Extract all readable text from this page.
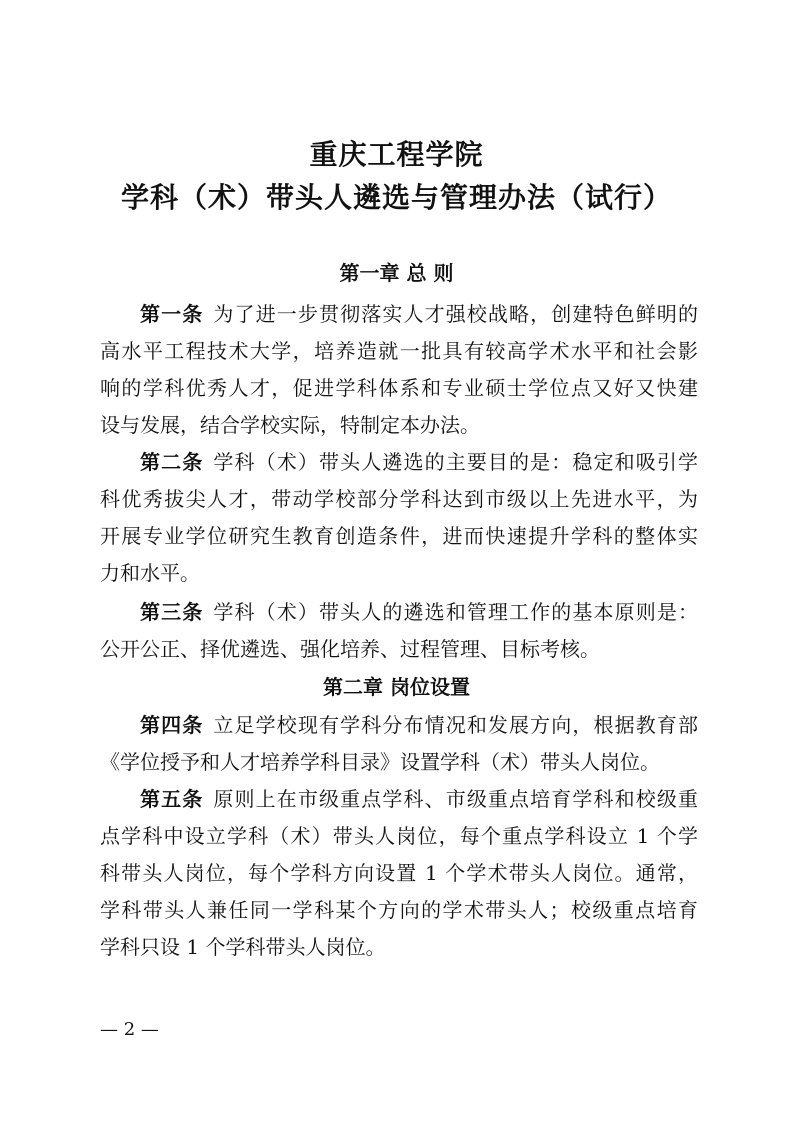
重庆工程学院
学科（术）带头人遴选与管理办法（试行）
第一章 总 则
第一条 为了进一步贯彻落实人才强校战略，创建特色鲜明的
高水平工程技术大学，培养造就一批具有较高学术水平和社会影
响的学科优秀人才，促进学科体系和专业硕士学位点又好又快建
设与发展，结合学校实际，特制定本办法。
第二条 学科（术）带头人遴选的主要目的是：稳定和吸引学
科优秀拔尖人才，带动学校部分学科达到市级以上先进水平，为
开展专业学位研究生教育创造条件，进而快速提升学科的整体实
力和水平。
第三条 学科（术）带头人的遴选和管理工作的基本原则是：
公开公正、择优遴选、强化培养、过程管理、目标考核。
第二章 岗位设置
第四条 立足学校现有学科分布情况和发展方向，根据教育部
《学位授予和人才培养学科目录》设置学科（术）带头人岗位。
第五条 原则上在市级重点学科、市级重点培育学科和校级重
点学科中设立学科（术）带头人岗位，每个重点学科设立 1 个学
科带头人岗位，每个学科方向设置 1 个学术带头人岗位。通常，
学科带头人兼任同一学科某个方向的学术带头人；校级重点培育
学科只设 1 个学科带头人岗位。
— 2 —
